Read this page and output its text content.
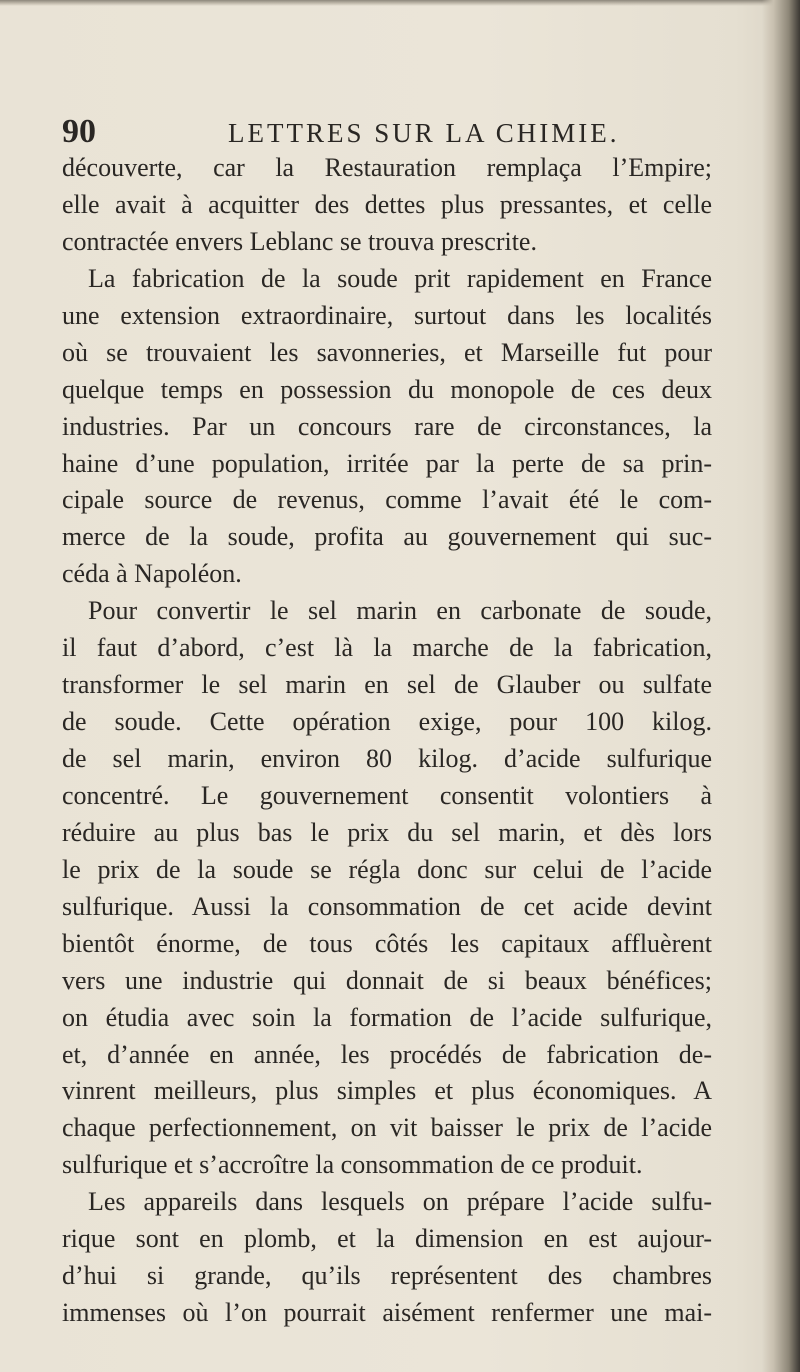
90	LETTRES SUR LA CHIMIE.
découverte, car la Restauration remplaça l’Empire;
elle avait à acquitter des dettes plus pressantes, et celle
contractée envers Leblanc se trouva prescrite.
La fabrication de la soude prit rapidement en France
une extension extraordinaire, surtout dans les localités
où se trouvaient les savonneries, et Marseille fut pour
quelque temps en possession du monopole de ces deux
industries. Par un concours rare de circonstances, la
haine d’une population, irritée par la perte de sa prin-
cipale source de revenus, comme l’avait été le com-
merce de la soude, profita au gouvernement qui suc-
céda à Napoléon.
Pour convertir le sel marin en carbonate de soude,
il faut d’abord, c’est là la marche de la fabrication,
transformer le sel marin en sel de Glauber ou sulfate
de soude. Cette opération exige, pour 100 kilog.
de sel marin, environ 80 kilog. d’acide sulfurique
concentré. Le gouvernement consentit volontiers à
réduire au plus bas le prix du sel marin, et dès lors
le prix de la soude se régla donc sur celui de l’acide
sulfurique. Aussi la consommation de cet acide devint
bientôt énorme, de tous côtés les capitaux affluèrent
vers une industrie qui donnait de si beaux bénéfices;
on étudia avec soin la formation de l’acide sulfurique,
et, d’année en année, les procédés de fabrication de-
vinrent meilleurs, plus simples et plus économiques. A
chaque perfectionnement, on vit baisser le prix de l’acide
sulfurique et s’accroître la consommation de ce produit.
Les appareils dans lesquels on prépare l’acide sulfu-
rique sont en plomb, et la dimension en est aujour-
d’hui si grande, qu’ils représentent des chambres
immenses où l’on pourrait aisément renfermer une mai-
